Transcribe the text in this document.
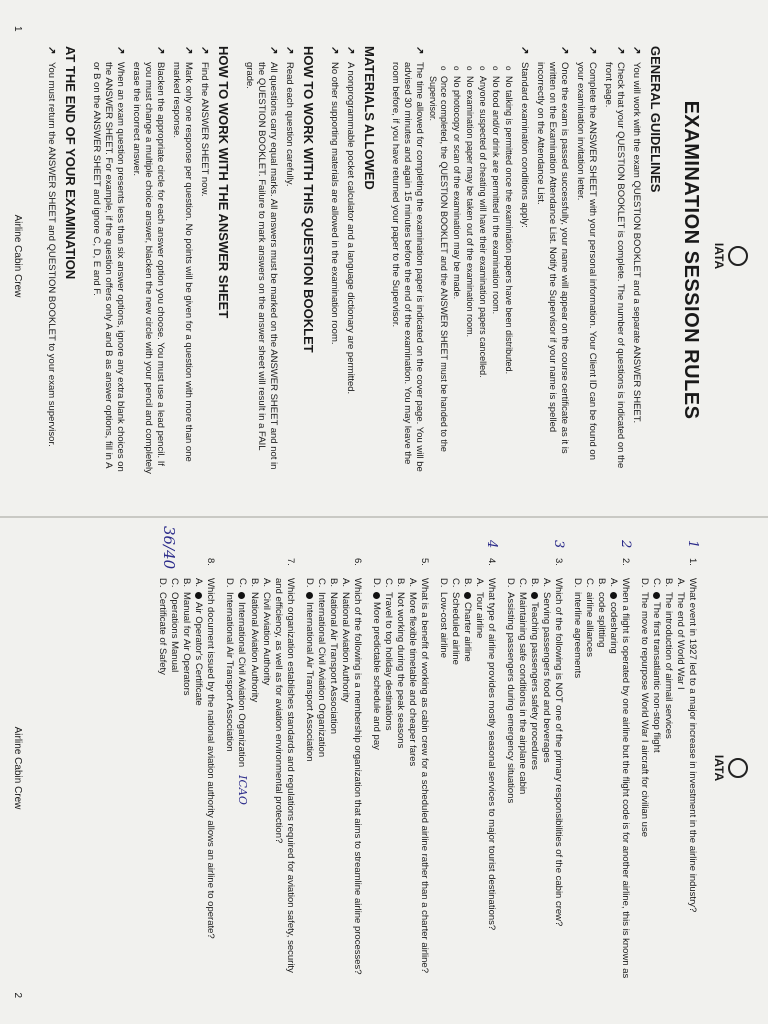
IATA
EXAMINATION SESSION RULES
GENERAL GUIDELINES

↗ You will work with the exam QUESTION BOOKLET and a separate ANSWER SHEET.

↗ Check that your QUESTION BOOKLET is complete. The number of questions is indicated on the front page.

↗ Complete the ANSWER SHEET with your personal information. Your Client ID can be found on your examination invitation letter.

↗ Once the exam is passed successfully, your name will appear on the course certificate as it is written on the Examination Attendance List. Notify the Supervisor if your name is spelled incorrectly on the Attendance List.

↗ Standard examination conditions apply:

o No talking is permitted once the examination papers have been distributed.

o No food and/or drink are permitted in the examination room.

o Anyone suspected of cheating will have their examination papers cancelled.

o No examination paper may be taken out of the examination room.

o No photocopy or scan of the examination may be made.

o Once completed, the QUESTION BOOKLET and the ANSWER SHEET must be handed to the Supervisor.

↗ The time allowed for completing the examination paper is indicated on the cover page. You will be advised 30 minutes and again 15 minutes before the end of the examination. You may leave the room before, if you have returned your paper to the Supervisor.

MATERIALS ALLOWED

↗ A nonprogrammable pocket calculator and a language dictionary are permitted.

↗ No other supporting materials are allowed in the examination room.

HOW TO WORK WITH THIS QUESTION BOOKLET

↗ Read each question carefully.

↗ All questions carry equal marks. All answers must be marked on the ANSWER SHEET and not in the QUESTION BOOKLET. Failure to mark answers on the answer sheet will result in a FAIL grade.

HOW TO WORK WITH THE ANSWER SHEET

↗ Find the ANSWER SHEET now.

↗ Mark only one response per question. No points will be given for a question with more than one marked response.

↗ Blacken the appropriate circle for each answer option you choose. You must use a lead pencil. If you must change a multiple choice answer, blacken the new circle with your pencil and completely erase the incorrect answer.

↗ When an exam question presents less than six answer options, ignore any extra blank choices on the ANSWER SHEET. For example, if the question offers only A and B as answer options, fill in A or B on the ANSWER SHEET and ignore C, D, E and F.

AT THE END OF YOUR EXAMINATION

↗ You must return the ANSWER SHEET and QUESTION BOOKLET to your exam supervisor.

1
Airline Cabin Crew
IATA
1.
What event in 1927 led to a major increase in investment in the airline industry?
A.
The end of World War I
B.
The introduction of airmail services
C.
The first transatlantic non-stop flight
D.
The move to repurpose World War I aircraft for civilian use
1
2.
When a flight is operated by one airline but the flight code is for another airline, this is known as
A.
codesharing
B.
code splitting
C.
airline alliances
D.
interline agreements
2
3.
Which of the following is NOT one of the primary responsibilities of the cabin crew?
A.
Serving passengers food and beverages
B.
Teaching passengers safety procedures
C.
Maintaining safe conditions in the airplane cabin
D.
Assisting passengers during emergency situations
3
4.
What type of airline provides mostly seasonal services to major tourist destinations?
A.
Tour airline
B.
Charter airline
C.
Scheduled airline
D.
Low-cost airline
4
5.
What is a benefit of working as cabin crew for a scheduled airline rather than a charter airline?
A.
More flexible timetable and cheaper fares
B.
Not working during the peak seasons
C.
Travel to top holiday destinations
D.
More predictable schedule and pay
6.
Which of the following is a membership organization that aims to streamline airline processes?
A.
National Aviation Authority
B.
National Air Transport Association
C.
International Civil Aviation Organization
D.
International Air Transport Association
7.
Which organization establishes standards and regulations required for aviation safety, security and efficiency, as well as for aviation environmental protection?
A.
Civil Aviation Authority
B.
National Aviation Authority
C.
International Civil Aviation OrganizationICAO
D.
International Air Transport Association
8.
Which document issued by the national aviation authority allows an airline to operate?
A.
Air Operator's Certificate
B.
Manual for Air Operators
C.
Operations Manual
D.
Certificate of Safety
36/40
2
Airline Cabin Crew
